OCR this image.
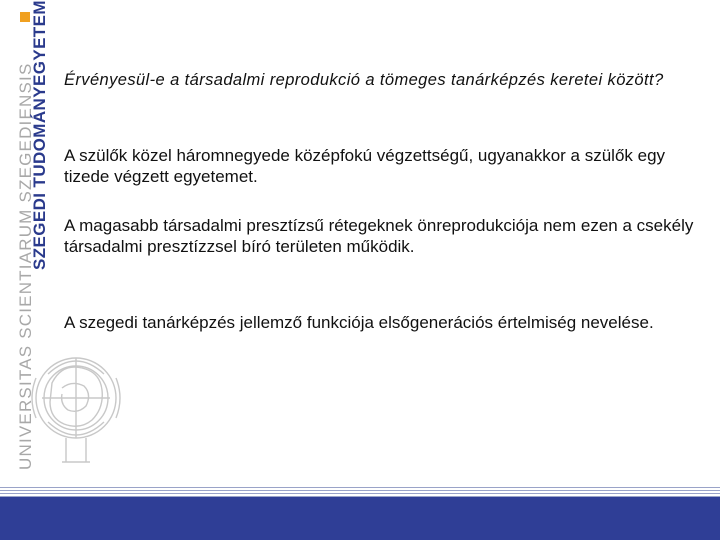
UNIVERSITAS SCIENTIARUM SZEGEDIENSIS
SZEGEDI TUDOMÁNYEGYETEM Érvényesül-e a társadalmi reprodukció a tömeges tanárképzés keretei között?

A szülők közel háromnegyede középfokú végzettségű, ugyanakkor a szülők egy tizede végzett egyetemet.

A magasabb társadalmi presztízsű rétegeknek önreprodukciója nem ezen a csekély társadalmi presztízzsel bíró területen működik.

A szegedi tanárképzés jellemző funkciója elsőgenerációs értelmiség nevelése.
